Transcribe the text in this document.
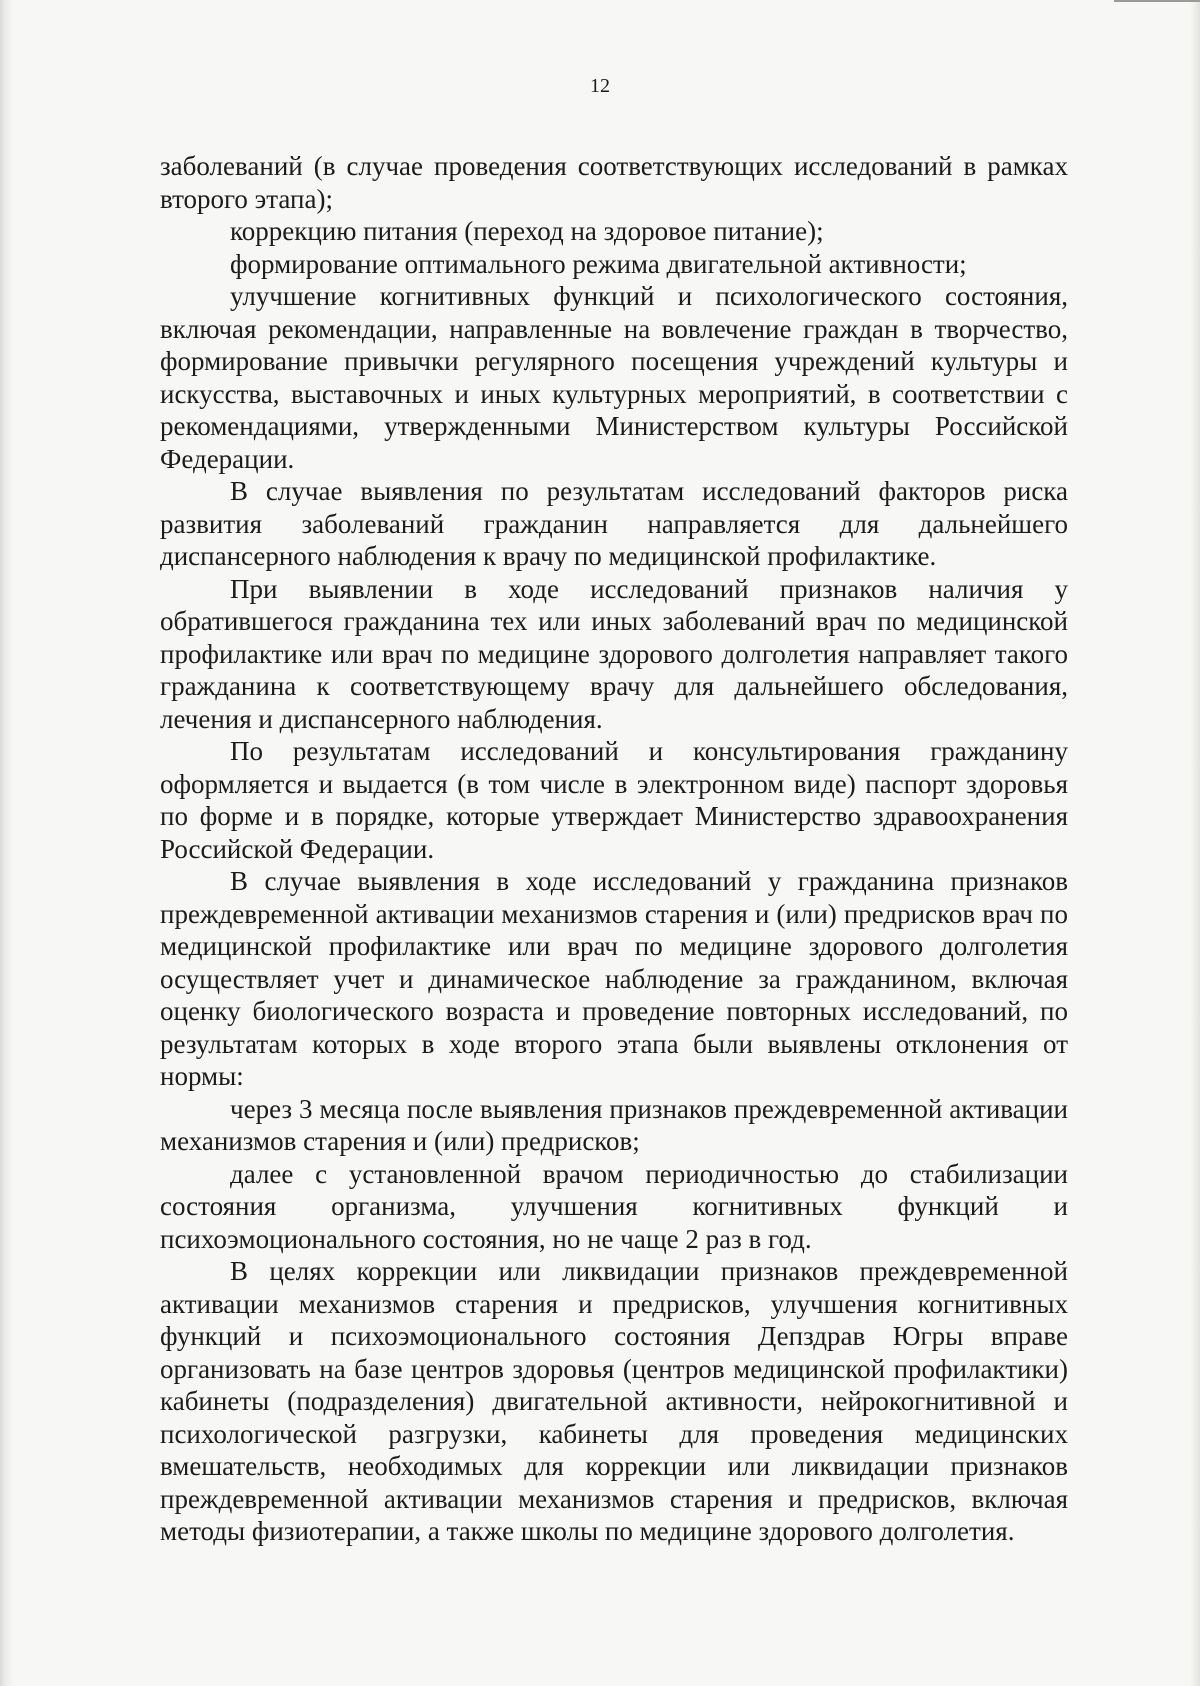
12

заболеваний (в случае проведения соответствующих исследований в рамках второго этапа);

коррекцию питания (переход на здоровое питание);

формирование оптимального режима двигательной активности;

улучшение когнитивных функций и психологического состояния, включая рекомендации, направленные на вовлечение граждан в творчество, формирование привычки регулярного посещения учреждений культуры и искусства, выставочных и иных культурных мероприятий, в соответствии с рекомендациями, утвержденными Министерством культуры Российской Федерации.

В случае выявления по результатам исследований факторов риска развития заболеваний гражданин направляется для дальнейшего диспансерного наблюдения к врачу по медицинской профилактике.

При выявлении в ходе исследований признаков наличия у обратившегося гражданина тех или иных заболеваний врач по медицинской профилактике или врач по медицине здорового долголетия направляет такого гражданина к соответствующему врачу для дальнейшего обследования, лечения и диспансерного наблюдения.

По результатам исследований и консультирования гражданину оформляется и выдается (в том числе в электронном виде) паспорт здоровья по форме и в порядке, которые утверждает Министерство здравоохранения Российской Федерации.

В случае выявления в ходе исследований у гражданина признаков преждевременной активации механизмов старения и (или) предрисков врач по медицинской профилактике или врач по медицине здорового долголетия осуществляет учет и динамическое наблюдение за гражданином, включая оценку биологического возраста и проведение повторных исследований, по результатам которых в ходе второго этапа были выявлены отклонения от нормы:

через 3 месяца после выявления признаков преждевременной активации механизмов старения и (или) предрисков;

далее с установленной врачом периодичностью до стабилизации состояния организма, улучшения когнитивных функций и психоэмоционального состояния, но не чаще 2 раз в год.

В целях коррекции или ликвидации признаков преждевременной активации механизмов старения и предрисков, улучшения когнитивных функций и психоэмоционального состояния Депздрав Югры вправе организовать на базе центров здоровья (центров медицинской профилактики) кабинеты (подразделения) двигательной активности, нейрокогнитивной и психологической разгрузки, кабинеты для проведения медицинских вмешательств, необходимых для коррекции или ликвидации признаков преждевременной активации механизмов старения и предрисков, включая методы физиотерапии, а также школы по медицине здорового долголетия.
